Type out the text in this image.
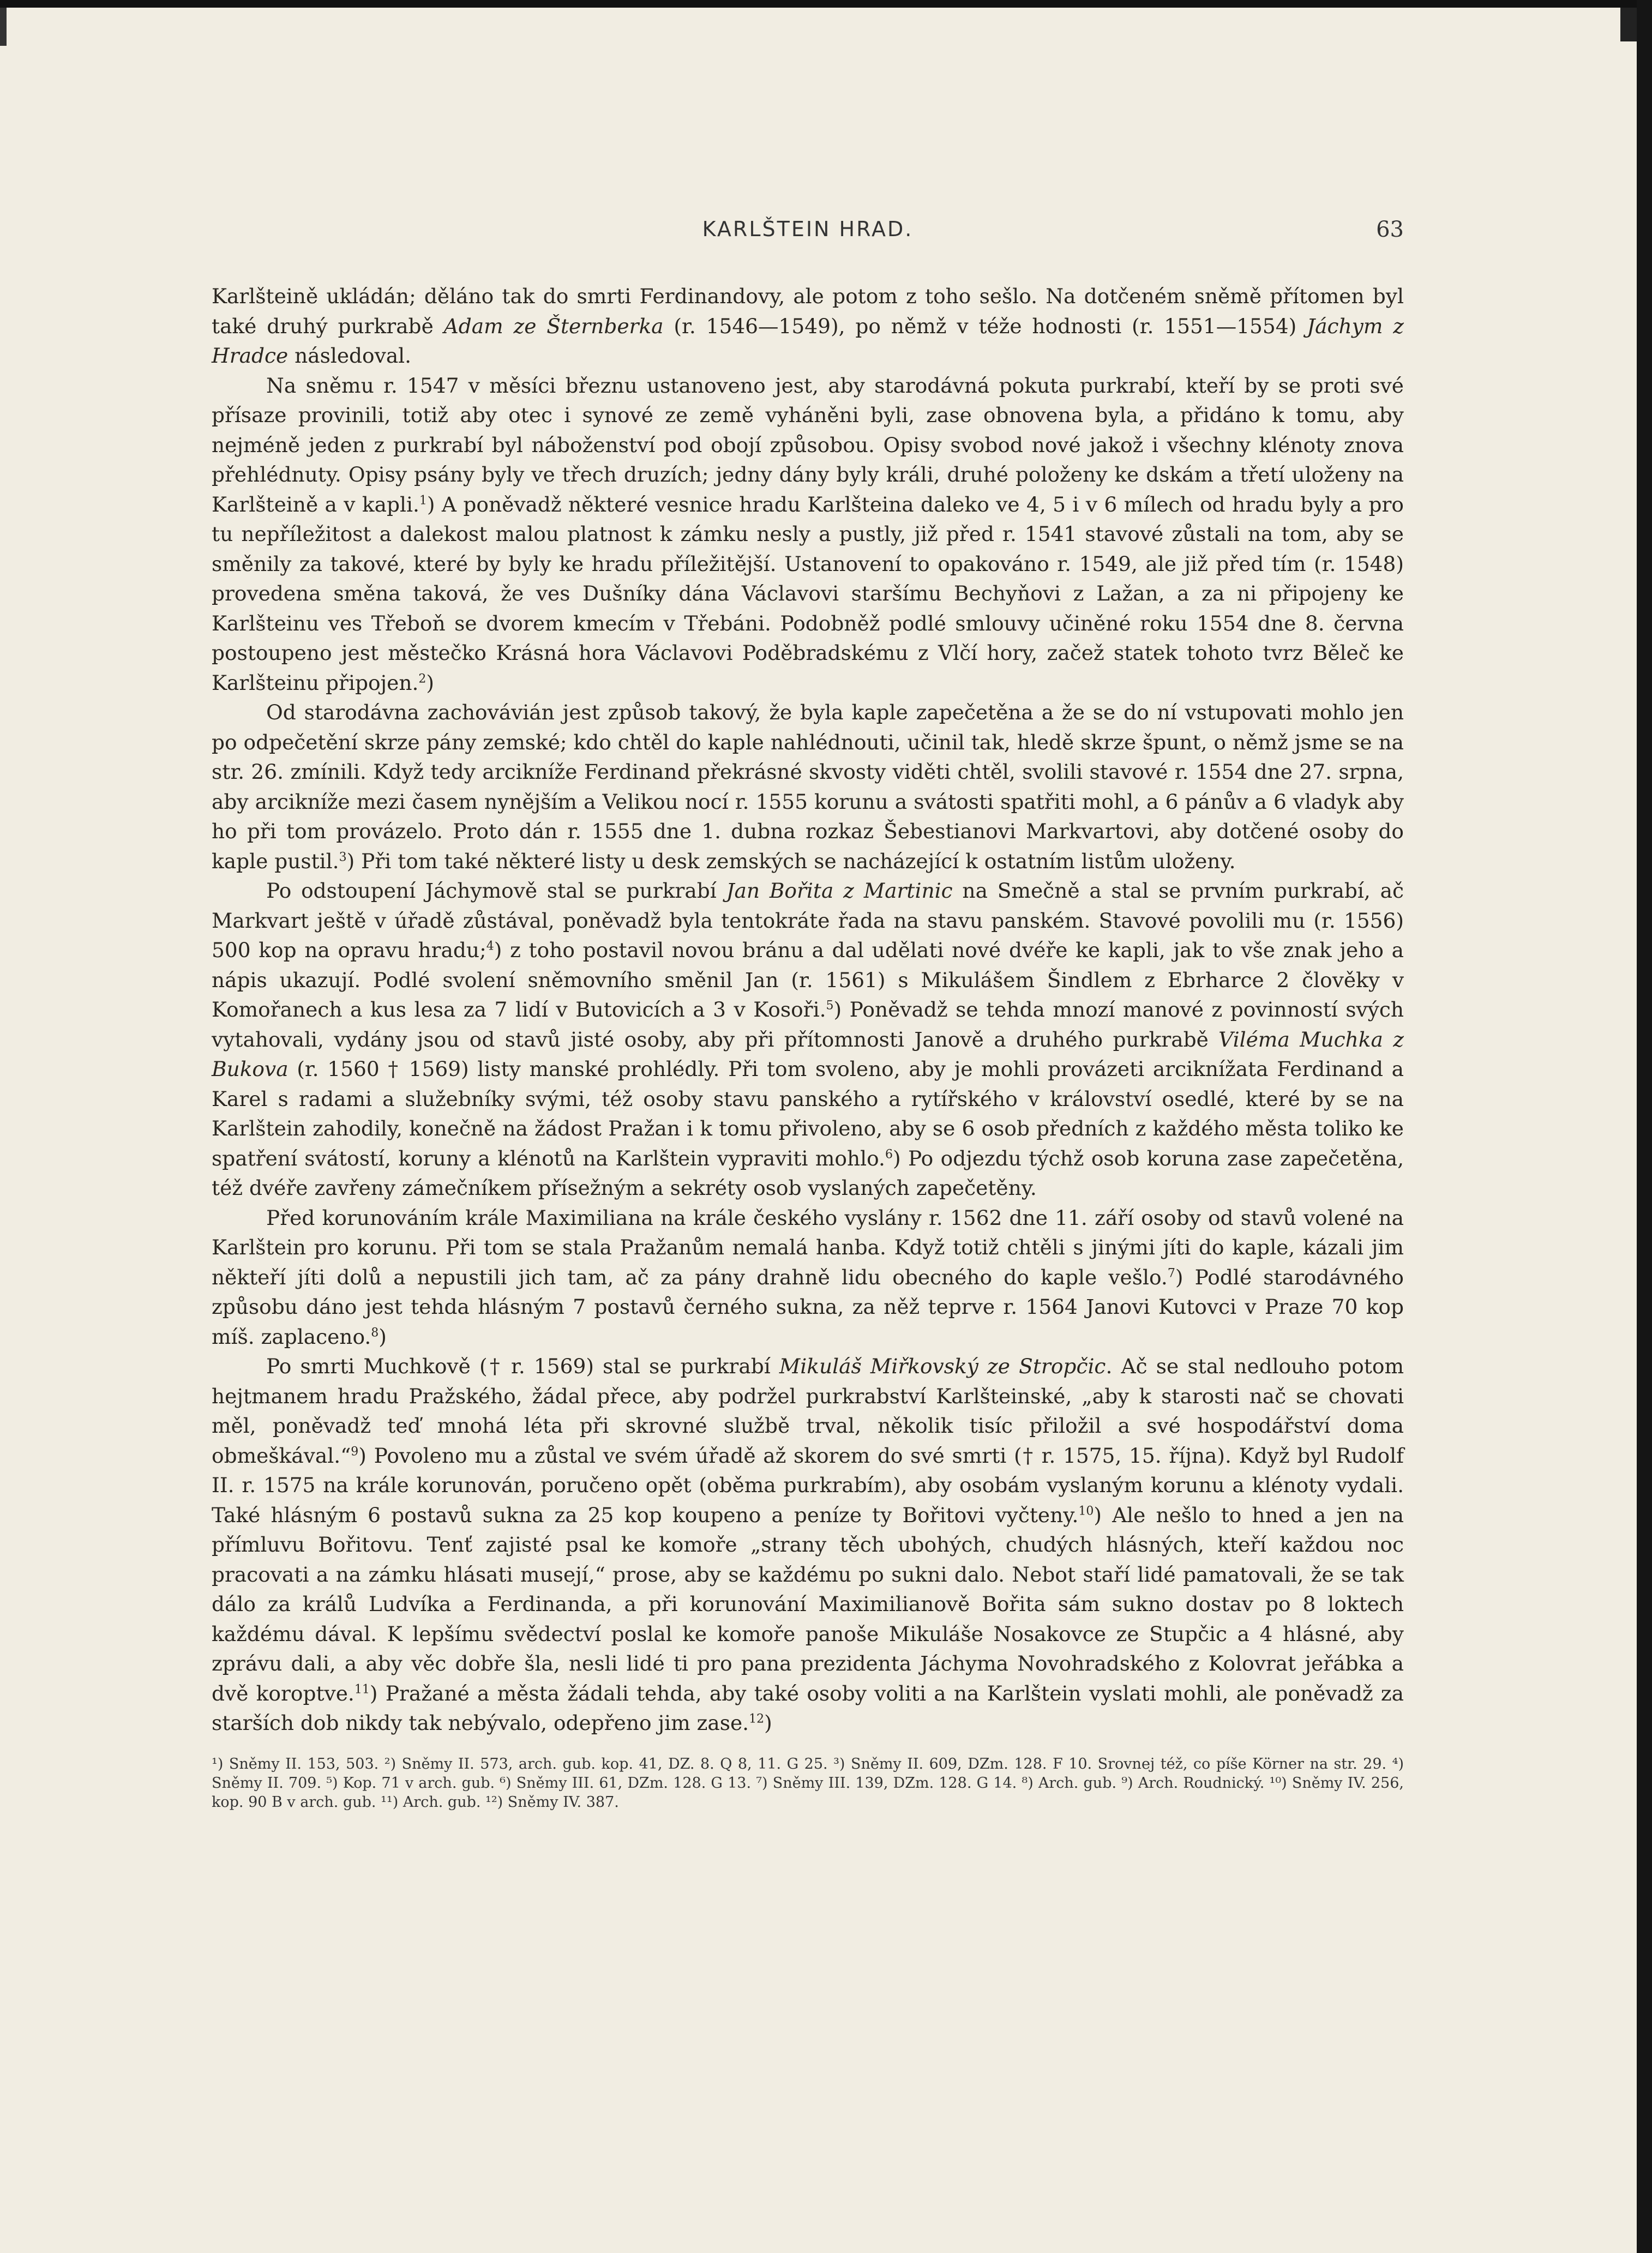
KARLŠTEIN HRAD.	63

Karlšteině ukládán; děláno tak do smrti Ferdinandovy, ale potom z toho sešlo. Na dotčeném sněmě přítomen byl také druhý purkrabě Adam ze Šternberka (r. 1546—1549), po němž v téže hodnosti (r. 1551—1554) Jáchym z Hradce následoval.

Na sněmu r. 1547 v měsíci březnu ustanoveno jest, aby starodávná pokuta purkrabí, kteří by se proti své přísaze provinili, totiž aby otec i synové ze země vyháněni byli, zase obnovena byla, a přidáno k tomu, aby nejméně jeden z purkrabí byl náboženství pod obojí způsobou. Opisy svobod nové jakož i všechny klénoty znova přehlédnuty. Opisy psány byly ve třech druzích; jedny dány byly králi, druhé položeny ke dskám a třetí uloženy na Karlšteině a v kapli.$^1$) A poněvadž některé vesnice hradu Karlšteina daleko ve 4, 5 i v 6 mílech od hradu byly a pro tu nepříležitost a dalekost malou platnost k zámku nesly a pustly, již před r. 1541 stavové zůstali na tom, aby se směnily za takové, které by byly ke hradu příležitější. Ustanovení to opakováno r. 1549, ale již před tím (r. 1548) provedena směna taková, že ves Dušníky dána Václavovi staršímu Bechyňovi z Lažan, a za ni připojeny ke Karlšteinu ves Třeboň se dvorem kmecím v Třebáni. Podobněž podlé smlouvy učiněné roku 1554 dne 8. června postoupeno jest městečko Krásná hora Václavovi Poděbradskému z Vlčí hory, začež statek tohoto tvrz Běleč ke Karlšteinu připojen.$^2$)

Od starodávna zachovávián jest způsob takový, že byla kaple zapečetěna a že se do ní vstupovati mohlo jen po odpečetění skrze pány zemské; kdo chtěl do kaple nahlédnouti, učinil tak, hledě skrze špunt, o němž jsme se na str. 26. zmínili. Když tedy arcikníže Ferdinand překrásné skvosty viděti chtěl, svolili stavové r. 1554 dne 27. srpna, aby arcikníže mezi časem nynějším a Velikou nocí r. 1555 korunu a svátosti spatřiti mohl, a 6 pánův a 6 vladyk aby ho při tom provázelo. Proto dán r. 1555 dne 1. dubna rozkaz Šebestianovi Markvartovi, aby dotčené osoby do kaple pustil.$^3$) Při tom také některé listy u desk zemských se nacházející k ostatním listům uloženy.

Po odstoupení Jáchymově stal se purkrabí Jan Bořita z Martinic na Smečně a stal se prvním purkrabí, ač Markvart ještě v úřadě zůstával, poněvadž byla tentokráte řada na stavu panském. Stavové povolili mu (r. 1556) 500 kop na opravu hradu;$^4$) z toho postavil novou bránu a dal udělati nové dvéře ke kapli, jak to vše znak jeho a nápis ukazují. Podlé svolení sněmovního směnil Jan (r. 1561) s Mikulášem Šindlem z Ebrharce 2 člověky v Komořanech a kus lesa za 7 lidí v Butovicích a 3 v Kosoři.$^5$) Poněvadž se tehda mnozí manové z povinností svých vytahovali, vydány jsou od stavů jisté osoby, aby při přítomnosti Janově a druhého purkrabě Viléma Muchka z Bukova (r. 1560 † 1569) listy manské prohlédly. Při tom svoleno, aby je mohli provázeti arciknížata Ferdinand a Karel s radami a služebníky svými, též osoby stavu panského a rytířského v království osedlé, které by se na Karlštein zahodily, konečně na žádost Pražan i k tomu přivoleno, aby se 6 osob předních z každého města toliko ke spatření svátostí, koruny a klénotů na Karlštein vypraviti mohlo.$^6$) Po odjezdu týchž osob koruna zase zapečetěna, též dvéře zavřeny zámečníkem přísežným a sekréty osob vyslaných zapečetěny.

Před korunováním krále Maximiliana na krále českého vyslány r. 1562 dne 11. září osoby od stavů volené na Karlštein pro korunu. Při tom se stala Pražanům nemalá hanba. Když totiž chtěli s jinými jíti do kaple, kázali jim někteří jíti dolů a nepustili jich tam, ač za pány drahně lidu obecného do kaple vešlo.$^7$) Podlé starodávného způsobu dáno jest tehda hlásným 7 postavů černého sukna, za něž teprve r. 1564 Janovi Kutovci v Praze 70 kop míš. zaplaceno.$^8$)

Po smrti Muchkově († r. 1569) stal se purkrabí Mikuláš Miřkovský ze Stropčic. Ač se stal nedlouho potom hejtmanem hradu Pražského, žádal přece, aby podržel purkrabství Karlšteinské, „aby k starosti nač se chovati měl, poněvadž teď mnohá léta při skrovné službě trval, několik tisíc přiložil a své hospodářství doma obmeškával.“$^9$) Povoleno mu a zůstal ve svém úřadě až skorem do své smrti († r. 1575, 15. října). Když byl Rudolf II. r. 1575 na krále korunován, poručeno opět (oběma purkrabím), aby osobám vyslaným korunu a klénoty vydali. Také hlásným 6 postavů sukna za 25 kop koupeno a peníze ty Bořitovi vyčteny.$^{10}$) Ale nešlo to hned a jen na přímluvu Bořitovu. Tenť zajisté psal ke komoře „strany těch ubohých, chudých hlásných, kteří každou noc pracovati a na zámku hlásati musejí,“ prose, aby se každému po sukni dalo. Nebot staří lidé pamatovali, že se tak dálo za králů Ludvíka a Ferdinanda, a při korunování Maximilianově Bořita sám sukno dostav po 8 loktech každému dával. K lepšímu svědectví poslal ke komoře panoše Mikuláše Nosakovce ze Stupčic a 4 hlásné, aby zprávu dali, a aby věc dobře šla, nesli lidé ti pro pana prezidenta Jáchyma Novohradského z Kolovrat jeřábka a dvě koroptve.$^{11}$) Pražané a města žádali tehda, aby také osoby voliti a na Karlštein vyslati mohli, ale poněvadž za starších dob nikdy tak nebývalo, odepřeno jim zase.$^{12}$)

¹) Sněmy II. 153, 503. ²) Sněmy II. 573, arch. gub. kop. 41, DZ. 8. Q 8, 11. G 25. ³) Sněmy II. 609, DZm. 128. F 10. Srovnej též, co píše Körner na str. 29. ⁴) Sněmy II. 709. ⁵) Kop. 71 v arch. gub. ⁶) Sněmy III. 61, DZm. 128. G 13. ⁷) Sněmy III. 139, DZm. 128. G 14. ⁸) Arch. gub. ⁹) Arch. Roudnický. ¹⁰) Sněmy IV. 256, kop. 90 B v arch. gub. ¹¹) Arch. gub. ¹²) Sněmy IV. 387.
